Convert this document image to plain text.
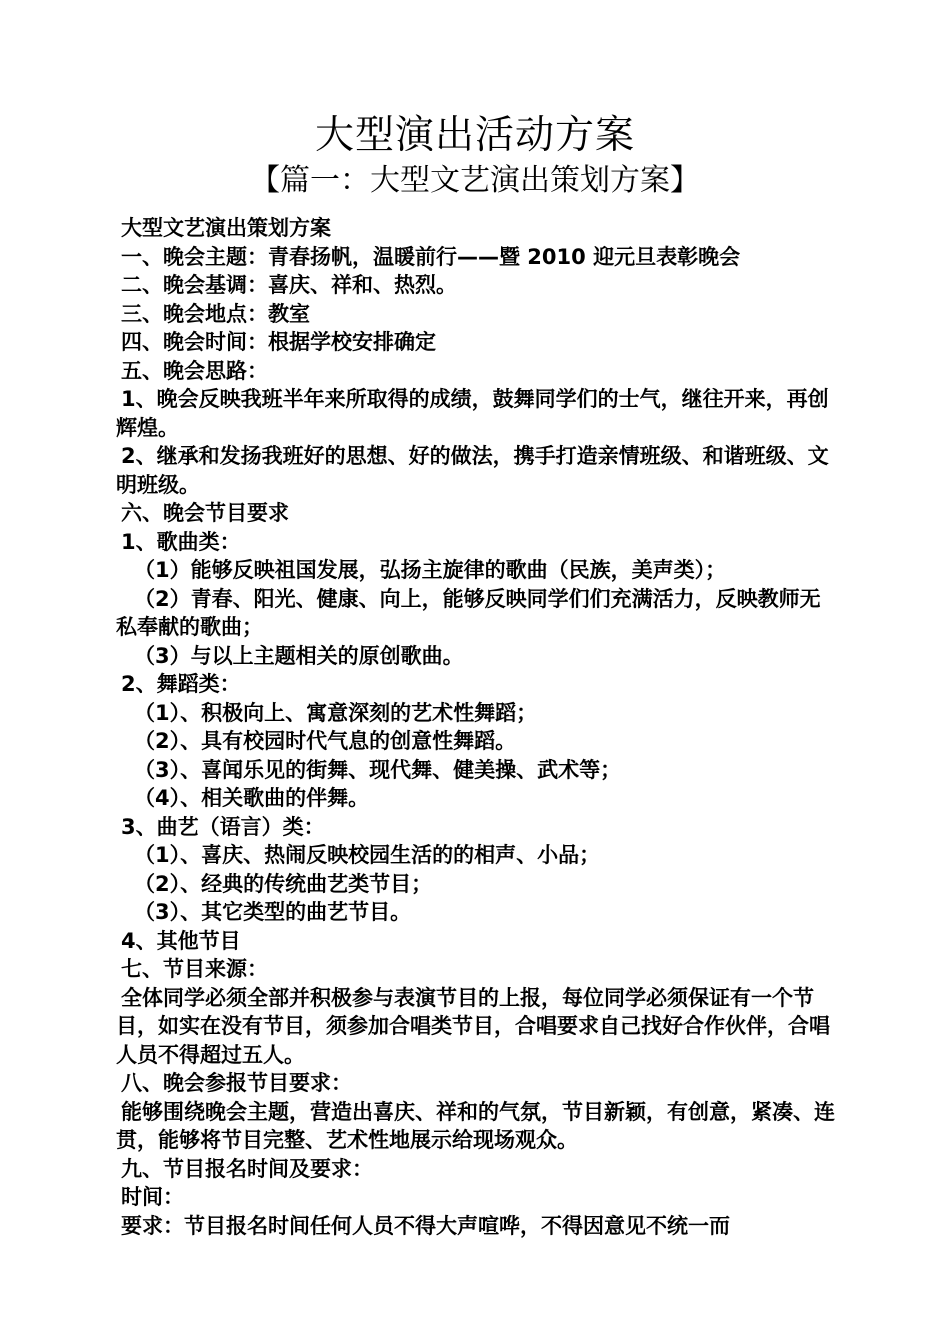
大型演出活动方案
【篇一：大型文艺演出策划方案】
大型文艺演出策划方案
一、晚会主题：青春扬帆，温暖前行——暨 2010 迎元旦表彰晚会
二、晚会基调：喜庆、祥和、热烈。
三、晚会地点：教室
四、晚会时间：根据学校安排确定
五、晚会思路：
1、晚会反映我班半年来所取得的成绩，鼓舞同学们的士气，继往开来，再创辉煌。
2、继承和发扬我班好的思想、好的做法，携手打造亲情班级、和谐班级、文明班级。
六、晚会节目要求
1、歌曲类：
（1）能够反映祖国发展，弘扬主旋律的歌曲（民族，美声类）；
（2）青春、阳光、健康、向上，能够反映同学们们充满活力，反映教师无私奉献的歌曲；
（3）与以上主题相关的原创歌曲。
2、舞蹈类：
（1）、积极向上、寓意深刻的艺术性舞蹈；
（2）、具有校园时代气息的创意性舞蹈。
（3）、喜闻乐见的街舞、现代舞、健美操、武术等；
（4）、相关歌曲的伴舞。
3、曲艺（语言）类：
（1）、喜庆、热闹反映校园生活的的相声、小品；
（2）、经典的传统曲艺类节目；
（3）、其它类型的曲艺节目。
4、其他节目
七、节目来源：
全体同学必须全部并积极参与表演节目的上报，每位同学必须保证有一个节目，如实在没有节目，须参加合唱类节目，合唱要求自己找好合作伙伴，合唱人员不得超过五人。
八、晚会参报节目要求：
能够围绕晚会主题，营造出喜庆、祥和的气氛，节目新颖，有创意，紧凑、连贯，能够将节目完整、艺术性地展示给现场观众。
九、节目报名时间及要求：
时间：
要求：节目报名时间任何人员不得大声喧哗，不得因意见不统一而
